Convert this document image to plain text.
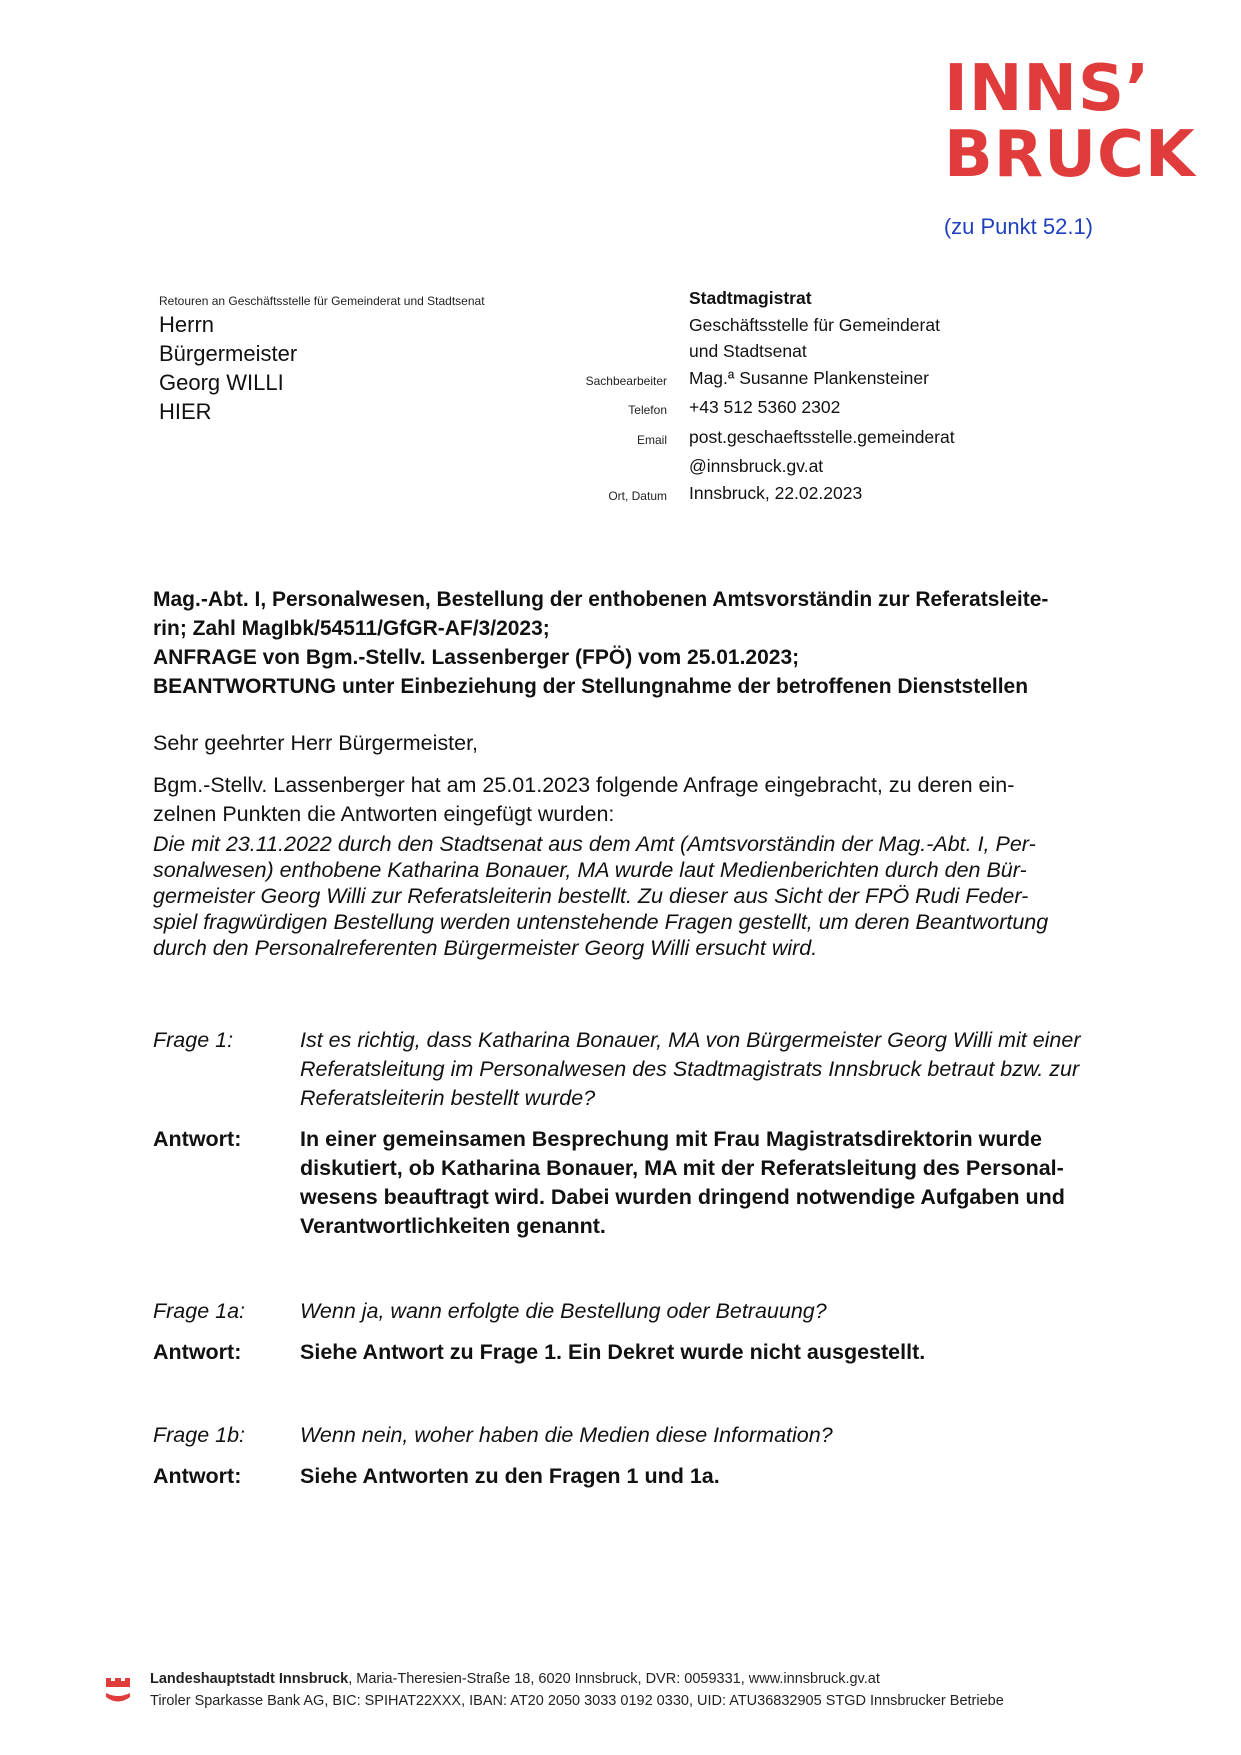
INNS’
BRUCK
(zu Punkt 52.1)
Retouren an Geschäftsstelle für Gemeinderat und Stadtsenat
Herrn
Bürgermeister
Georg WILLI
HIER
Stadtmagistrat
Geschäftsstelle für Gemeinderat
und Stadtsenat
Sachbearbeiter	Mag.ª Susanne Plankensteiner
Telefon	+43 512 5360 2302
Email	post.geschaeftsstelle.gemeinderat
@innsbruck.gv.at
Ort, Datum	Innsbruck, 22.02.2023
Mag.-Abt. I, Personalwesen, Bestellung der enthobenen Amtsvorständin zur Referatsleite-
rin; Zahl MagIbk/54511/GfGR-AF/3/2023;
ANFRAGE von Bgm.-Stellv. Lassenberger (FPÖ) vom 25.01.2023;
BEANTWORTUNG unter Einbeziehung der Stellungnahme der betroffenen Dienststellen
Sehr geehrter Herr Bürgermeister,
Bgm.-Stellv. Lassenberger hat am 25.01.2023 folgende Anfrage eingebracht, zu deren ein-
zelnen Punkten die Antworten eingefügt wurden:
Die mit 23.11.2022 durch den Stadtsenat aus dem Amt (Amtsvorständin der Mag.-Abt. I, Per-
sonalwesen) enthobene Katharina Bonauer, MA wurde laut Medienberichten durch den Bür-
germeister Georg Willi zur Referatsleiterin bestellt. Zu dieser aus Sicht der FPÖ Rudi Feder-
spiel fragwürdigen Bestellung werden untenstehende Fragen gestellt, um deren Beantwortung
durch den Personalreferenten Bürgermeister Georg Willi ersucht wird.
Frage 1:	Ist es richtig, dass Katharina Bonauer, MA von Bürgermeister Georg Willi mit einer
Referatsleitung im Personalwesen des Stadtmagistrats Innsbruck betraut bzw. zur
Referatsleiterin bestellt wurde?
Antwort:	In einer gemeinsamen Besprechung mit Frau Magistratsdirektorin wurde
diskutiert, ob Katharina Bonauer, MA mit der Referatsleitung des Personal-
wesens beauftragt wird. Dabei wurden dringend notwendige Aufgaben und
Verantwortlichkeiten genannt.
Frage 1a:	Wenn ja, wann erfolgte die Bestellung oder Betrauung?
Antwort:	Siehe Antwort zu Frage 1. Ein Dekret wurde nicht ausgestellt.
Frage 1b:	Wenn nein, woher haben die Medien diese Information?
Antwort:	Siehe Antworten zu den Fragen 1 und 1a.
Landeshauptstadt Innsbruck, Maria-Theresien-Straße 18, 6020 Innsbruck, DVR: 0059331, www.innsbruck.gv.at
Tiroler Sparkasse Bank AG, BIC: SPIHAT22XXX, IBAN: AT20 2050 3033 0192 0330, UID: ATU36832905 STGD Innsbrucker Betriebe
